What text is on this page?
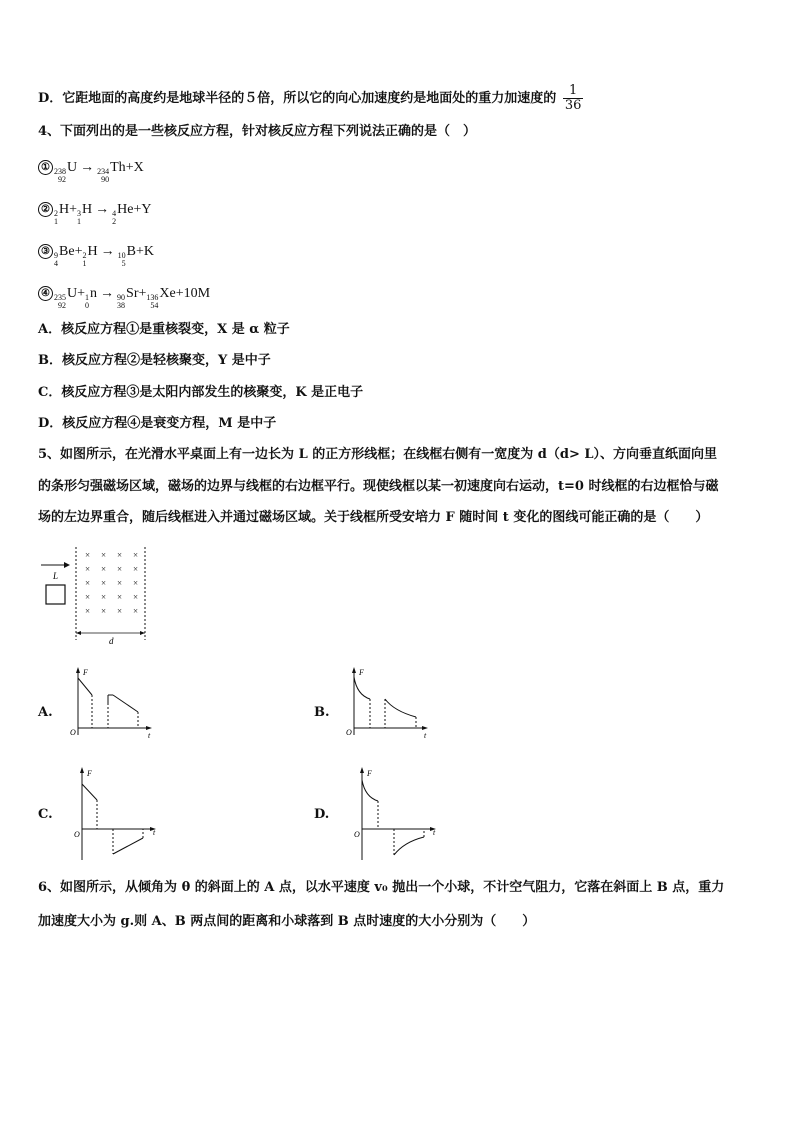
D．它距地面的高度约是地球半径的５倍，所以它的向心加速度约是地面处的重力加速度的 $\frac{1}{36}$
4、下面列出的是一些核反应方程，针对核反应方程下列说法正确的是（　）
① 238
92
U → 234
90
Th+X
② 2
1
H+ 3
1
H → 4
2
He+Y
③ 9
4
Be+ 2
1
H → 10
5
B+K
④ 235
92
U+ 1
0
n → 90
38
Sr+ 136
54
Xe+10M
A．核反应方程①是重核裂变，X 是 α 粒子
B．核反应方程②是轻核聚变，Y 是中子
C．核反应方程③是太阳内部发生的核聚变，K 是正电子
D．核反应方程④是衰变方程，M 是中子
5、如图所示，在光滑水平桌面上有一边长为 L 的正方形线框；在线框右侧有一宽度为 d（d> L）、方向垂直纸面向里
的条形匀强磁场区域，磁场的边界与线框的右边框平行。现使线框以某一初速度向右运动，t=0 时线框的右边框恰与磁
场的左边界重合，随后线框进入并通过磁场区域。关于线框所受安培力 F 随时间 t 变化的图线可能正确的是（　　）
L
× × × ×
× × × ×
× × × ×
× × × ×
× × × ×
d
A.
F
t
O
B.
F
t
O
C.
F
t
O
D.
F
t
O
6、如图所示，从倾角为 θ 的斜面上的 A 点，以水平速度 v₀ 抛出一个小球，不计空气阻力，它落在斜面上 B 点，重力
加速度大小为 g.则 A、B 两点间的距离和小球落到 B 点时速度的大小分别为（　　）
